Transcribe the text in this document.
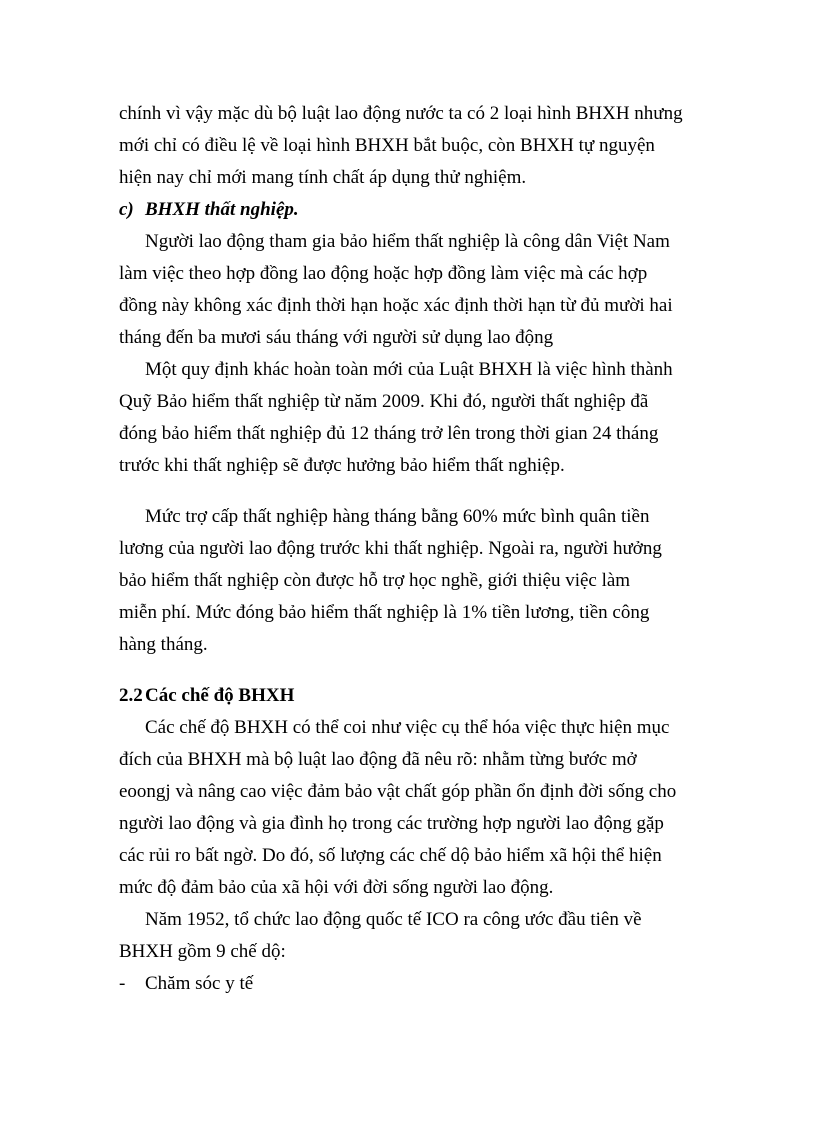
chính vì vậy mặc dù bộ luật lao động nước ta có 2 loại hình BHXH nhưng
mới chỉ có điều lệ về loại hình BHXH bắt buộc, còn BHXH tự nguyện
hiện nay chỉ mới mang tính chất áp dụng thử nghiệm.
c) BHXH thất nghiệp.
Người lao động tham gia bảo hiểm thất nghiệp là công dân Việt Nam
làm việc theo hợp đồng lao động hoặc hợp đồng làm việc mà các hợp
đồng này không xác định thời hạn hoặc xác định thời hạn từ đủ mười hai
tháng đến ba mươi sáu tháng với người sử dụng lao động
Một quy định khác hoàn toàn mới của Luật BHXH là việc hình thành
Quỹ Bảo hiểm thất nghiệp từ năm 2009. Khi đó, người thất nghiệp đã
đóng bảo hiểm thất nghiệp đủ 12 tháng trở lên trong thời gian 24 tháng
trước khi thất nghiệp sẽ được hưởng bảo hiểm thất nghiệp.
Mức trợ cấp thất nghiệp hàng tháng bằng 60% mức bình quân tiền
lương của người lao động trước khi thất nghiệp. Ngoài ra, người hưởng
bảo hiểm thất nghiệp còn được hỗ trợ học nghề, giới thiệu việc làm
miễn phí. Mức đóng bảo hiểm thất nghiệp là 1% tiền lương, tiền công
hàng tháng.
2.2 Các chế độ BHXH
Các chế độ BHXH có thể coi như việc cụ thể hóa việc thực hiện mục
đích của BHXH mà bộ luật lao động đã nêu rõ: nhằm từng bước mở
eoongj và nâng cao việc đảm bảo vật chất góp phần ổn định đời sống cho
người lao động và gia đình họ trong các trường hợp người lao động gặp
các rủi ro bất ngờ. Do đó, số lượng các chế dộ bảo hiểm xã hội thể hiện
mức độ đảm bảo của xã hội với đời sống người lao động.
Năm 1952, tổ chức lao động quốc tế ICO ra công ước đầu tiên về
BHXH gồm 9 chế dộ:
- Chăm sóc y tế
